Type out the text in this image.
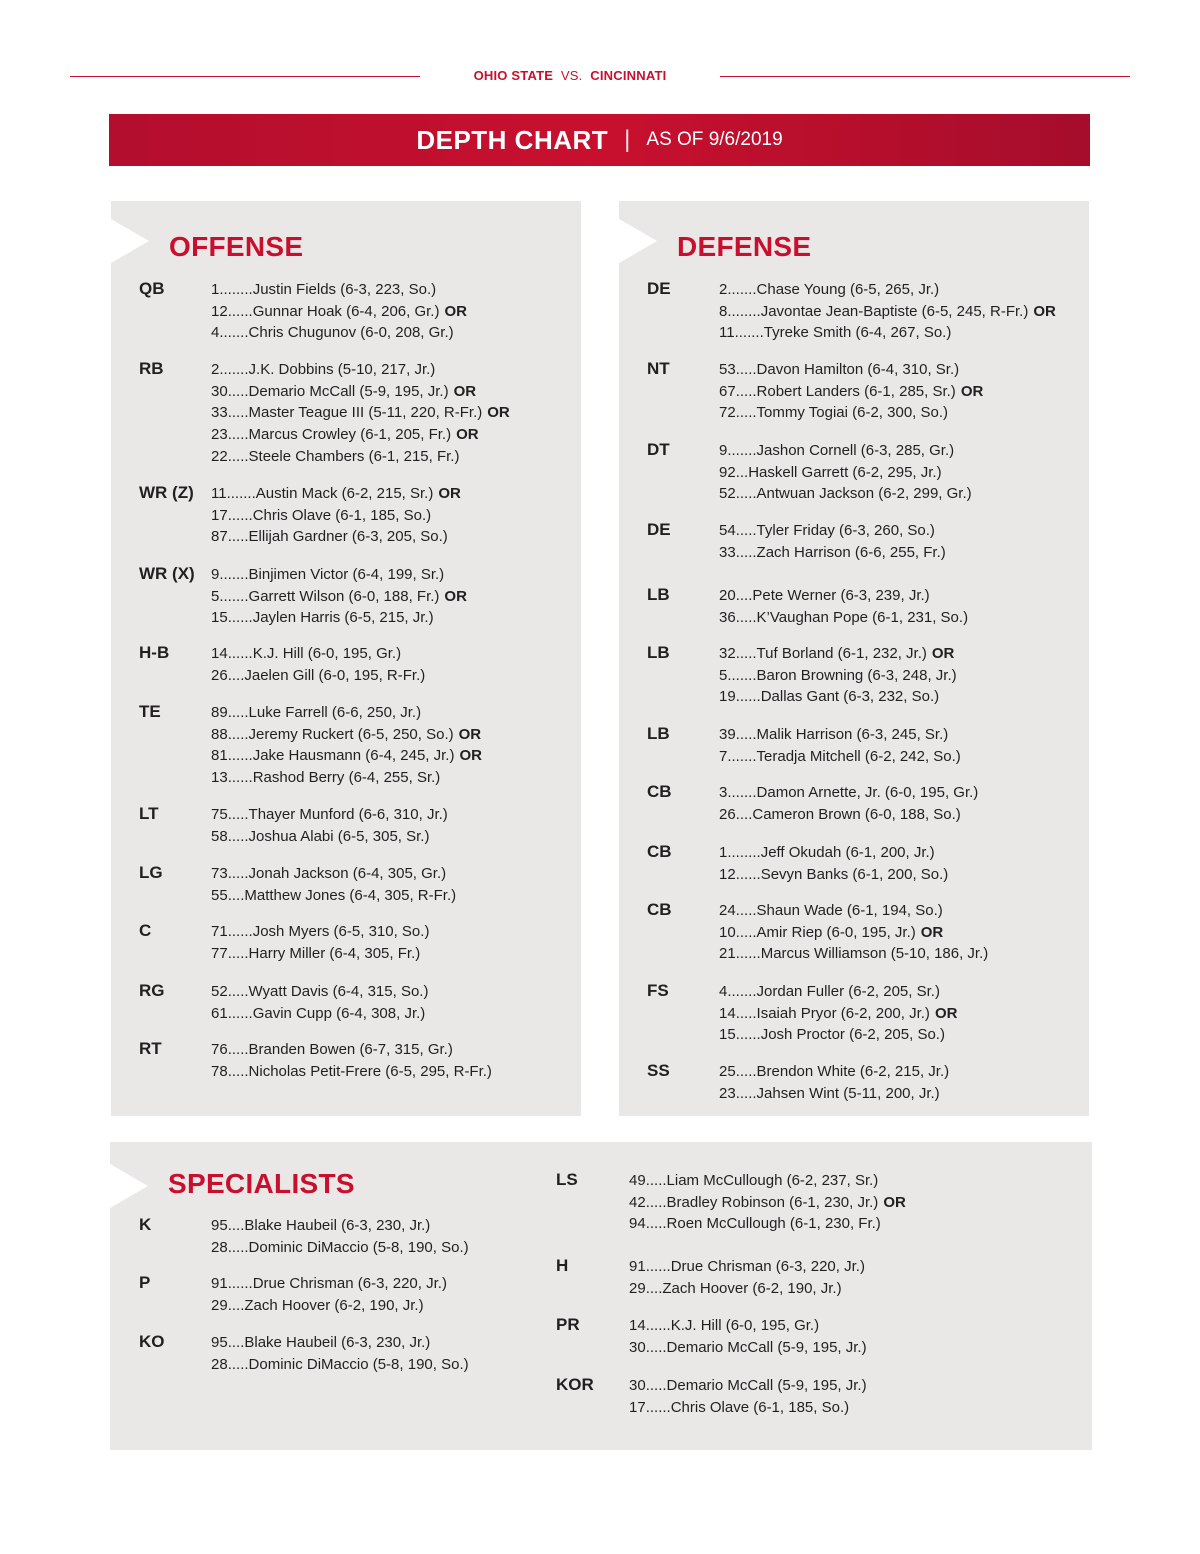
OHIO STATE VS. CINCINNATI
DEPTH CHART | AS OF 9/6/2019
OFFENSE
QB	1 ........ Justin Fields (6-3, 223, So.)
12 ...... Gunnar Hoak (6-4, 206, Gr.) OR
4 ....... Chris Chugunov (6-0, 208, Gr.)
RB	2 ....... J.K. Dobbins (5-10, 217, Jr.)
30 ..... Demario McCall (5-9, 195, Jr.) OR
33 ..... Master Teague III (5-11, 220, R-Fr.) OR
23 ..... Marcus Crowley (6-1, 205, Fr.) OR
22 ..... Steele Chambers (6-1, 215, Fr.)
WR (Z) 11 ....... Austin Mack (6-2, 215, Sr.) OR
17 ...... Chris Olave (6-1, 185, So.)
87 ..... Ellijah Gardner (6-3, 205, So.)
WR (X) 9 ....... Binjimen Victor (6-4, 199, Sr.)
5 ....... Garrett Wilson (6-0, 188, Fr.) OR
15 ...... Jaylen Harris (6-5, 215, Jr.)
H-B	14 ...... K.J. Hill (6-0, 195, Gr.)
26 .... Jaelen Gill (6-0, 195, R-Fr.)
TE	89 ..... Luke Farrell (6-6, 250, Jr.)
88 ..... Jeremy Ruckert (6-5, 250, So.) OR
81 ...... Jake Hausmann (6-4, 245, Jr.) OR
13 ...... Rashod Berry (6-4, 255, Sr.)
LT	75 ..... Thayer Munford (6-6, 310, Jr.)
58 ..... Joshua Alabi (6-5, 305, Sr.)
LG	73 ..... Jonah Jackson (6-4, 305, Gr.)
55 .... Matthew Jones (6-4, 305, R-Fr.)
C	71 ...... Josh Myers (6-5, 310, So.)
77 ..... Harry Miller (6-4, 305, Fr.)
RG	52 ..... Wyatt Davis (6-4, 315, So.)
61 ...... Gavin Cupp (6-4, 308, Jr.)
RT	76 ..... Branden Bowen (6-7, 315, Gr.)
78 ..... Nicholas Petit-Frere (6-5, 295, R-Fr.)
DEFENSE
DE	2 ....... Chase Young (6-5, 265, Jr.)
8 ........ Javontae Jean-Baptiste (6-5, 245, R-Fr.) OR
11 ....... Tyreke Smith (6-4, 267, So.)
NT	53 ..... Davon Hamilton (6-4, 310, Sr.)
67 ..... Robert Landers (6-1, 285, Sr.) OR
72 ..... Tommy Togiai (6-2, 300, So.)
DT	9 ....... Jashon Cornell (6-3, 285, Gr.)
92 ... Haskell Garrett (6-2, 295, Jr.)
52 ..... Antwuan Jackson (6-2, 299, Gr.)
DE	54 ..... Tyler Friday (6-3, 260, So.)
33 ..... Zach Harrison (6-6, 255, Fr.)
LB	20 .... Pete Werner (6-3, 239, Jr.)
36 ..... K’Vaughan Pope (6-1, 231, So.)
LB	32 ..... Tuf Borland (6-1, 232, Jr.) OR
5 ....... Baron Browning (6-3, 248, Jr.)
19 ...... Dallas Gant (6-3, 232, So.)
LB	39 ..... Malik Harrison (6-3, 245, Sr.)
7 ....... Teradja Mitchell (6-2, 242, So.)
CB	3 ....... Damon Arnette, Jr. (6-0, 195, Gr.)
26 .... Cameron Brown (6-0, 188, So.)
CB	1 ........ Jeff Okudah (6-1, 200, Jr.)
12 ...... Sevyn Banks (6-1, 200, So.)
CB	24 ..... Shaun Wade (6-1, 194, So.)
10 ..... Amir Riep (6-0, 195, Jr.) OR
21 ...... Marcus Williamson (5-10, 186, Jr.)
FS	4 ....... Jordan Fuller (6-2, 205, Sr.)
14 ..... Isaiah Pryor (6-2, 200, Jr.) OR
15 ...... Josh Proctor (6-2, 205, So.)
SS	25 ..... Brendon White (6-2, 215, Jr.)
23 ..... Jahsen Wint (5-11, 200, Jr.)
SPECIALISTS
K	95 .... Blake Haubeil (6-3, 230, Jr.)
28 ..... Dominic DiMaccio (5-8, 190, So.)
P	91 ...... Drue Chrisman (6-3, 220, Jr.)
29 .... Zach Hoover (6-2, 190, Jr.)
KO	95 .... Blake Haubeil (6-3, 230, Jr.)
28 ..... Dominic DiMaccio (5-8, 190, So.)
LS	49 ..... Liam McCullough (6-2, 237, Sr.)
42 ..... Bradley Robinson (6-1, 230, Jr.) OR
94 ..... Roen McCullough (6-1, 230, Fr.)
H	91 ...... Drue Chrisman (6-3, 220, Jr.)
29 .... Zach Hoover (6-2, 190, Jr.)
PR	14 ...... K.J. Hill (6-0, 195, Gr.)
30 ..... Demario McCall (5-9, 195, Jr.)
KOR 30 ..... Demario McCall (5-9, 195, Jr.)
17 ...... Chris Olave (6-1, 185, So.)
